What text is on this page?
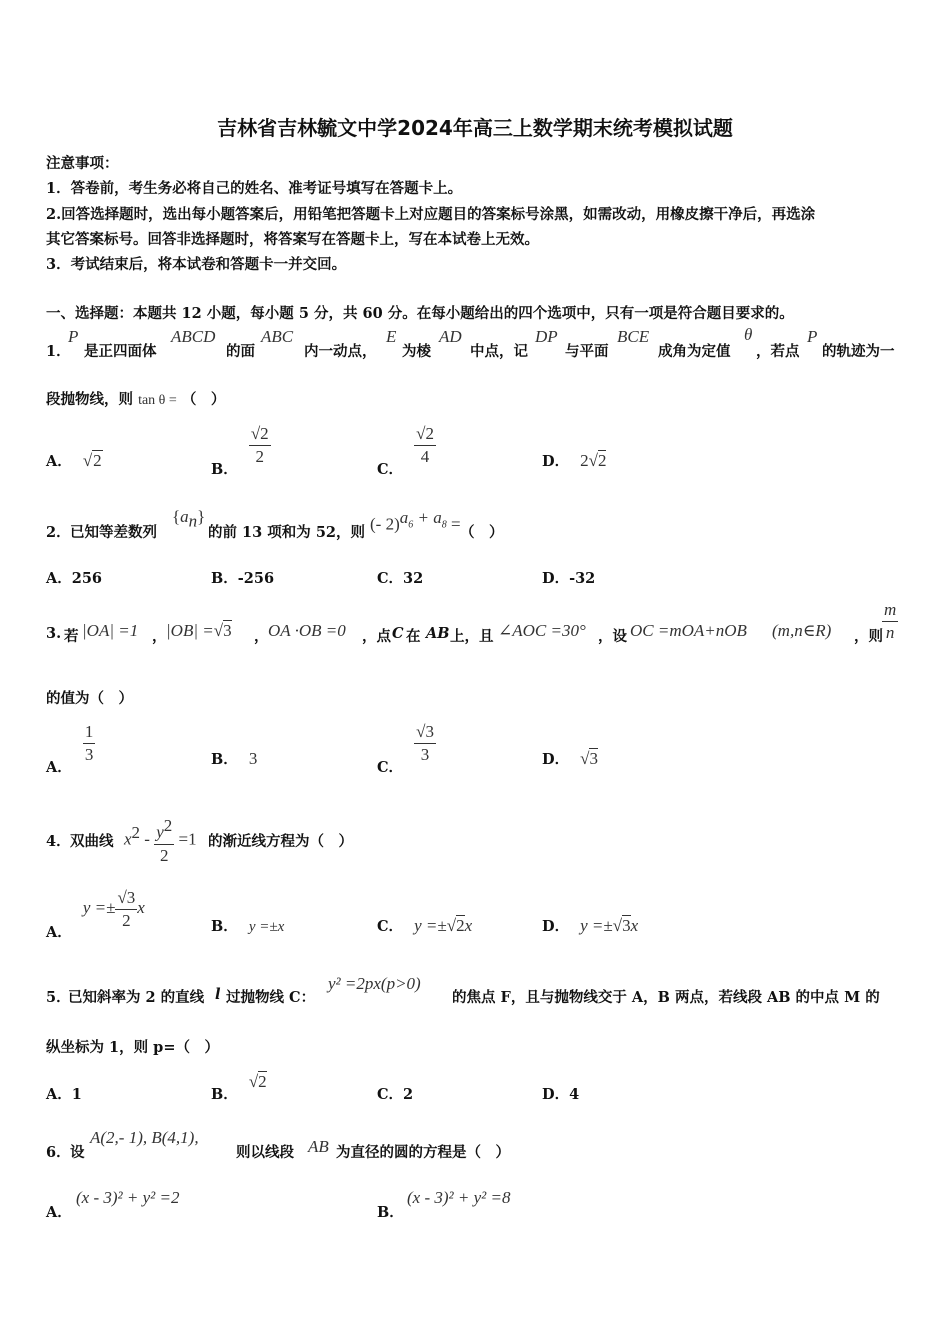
吉林省吉林毓文中学2024年高三上数学期末统考模拟试题
注意事项：
1．答卷前，考生务必将自己的姓名、准考证号填写在答题卡上。
2.回答选择题时，选出每小题答案后，用铅笔把答题卡上对应题目的答案标号涂黑，如需改动，用橡皮擦干净后，再选涂
其它答案标号。回答非选择题时，将答案写在答题卡上，写在本试卷上无效。
3．考试结束后，将本试卷和答题卡一并交回。
一、选择题：本题共 12 小题，每小题 5 分，共 60 分。在每小题给出的四个选项中，只有一项是符合题目要求的。
1．
P
是正四面体
ABCD
的面
ABC
内一动点，
E
为棱
AD
中点，记
DP
与平面
BCE
成角为定值
θ
，若点
P
的轨迹为一
段抛物线，则 tan θ = （　）
A． √2	B．
$\frac{√2}{2}$
C．
$\frac{√2}{4}$	D． 2√2
2． 已知等差数列
$\{a_n\}$
的前 13 项和为 52，则 (- 2)$^{a_6 + a_8}$ = （　）
A．256	B．-256	C．32	D．-32
3. 若 |OA| =1 ， |OB| =√3 ， OA ·OB =0 ，点 C 在 AB 上，且 ∠AOC =30° ，设 OC =mOA+nOB (m,n∈R) ，则 $\frac{m}{n}$
的值为（　）
A．
$\frac{1}{3}$	B． 3	C．
$\frac{√3}{3}$	D． √3
4． 双曲线 $x^2 - \frac{y^2}{2} =1$ 的渐近线方程为（　）
A． $y =\pm \frac{√3}{2}$ x
B． y =±x	C． y =±√2x	D． y =±√3x
5．
已知斜率为 2 的直线 l 过抛物线 C：
y² =2px(p>0)
的焦点 F，且与抛物线交于 A，B 两点，若线段 AB 的中点 M 的
纵坐标为 1，则 p=（　）
A．1	B． √2
C．2	D．4
6． 设
A(2,- 1), B(4,1),
则以线段 AB 为直径的圆的方程是（　）
A．
(x - 3)² + y² =2
B．
(x - 3)² + y² =8
